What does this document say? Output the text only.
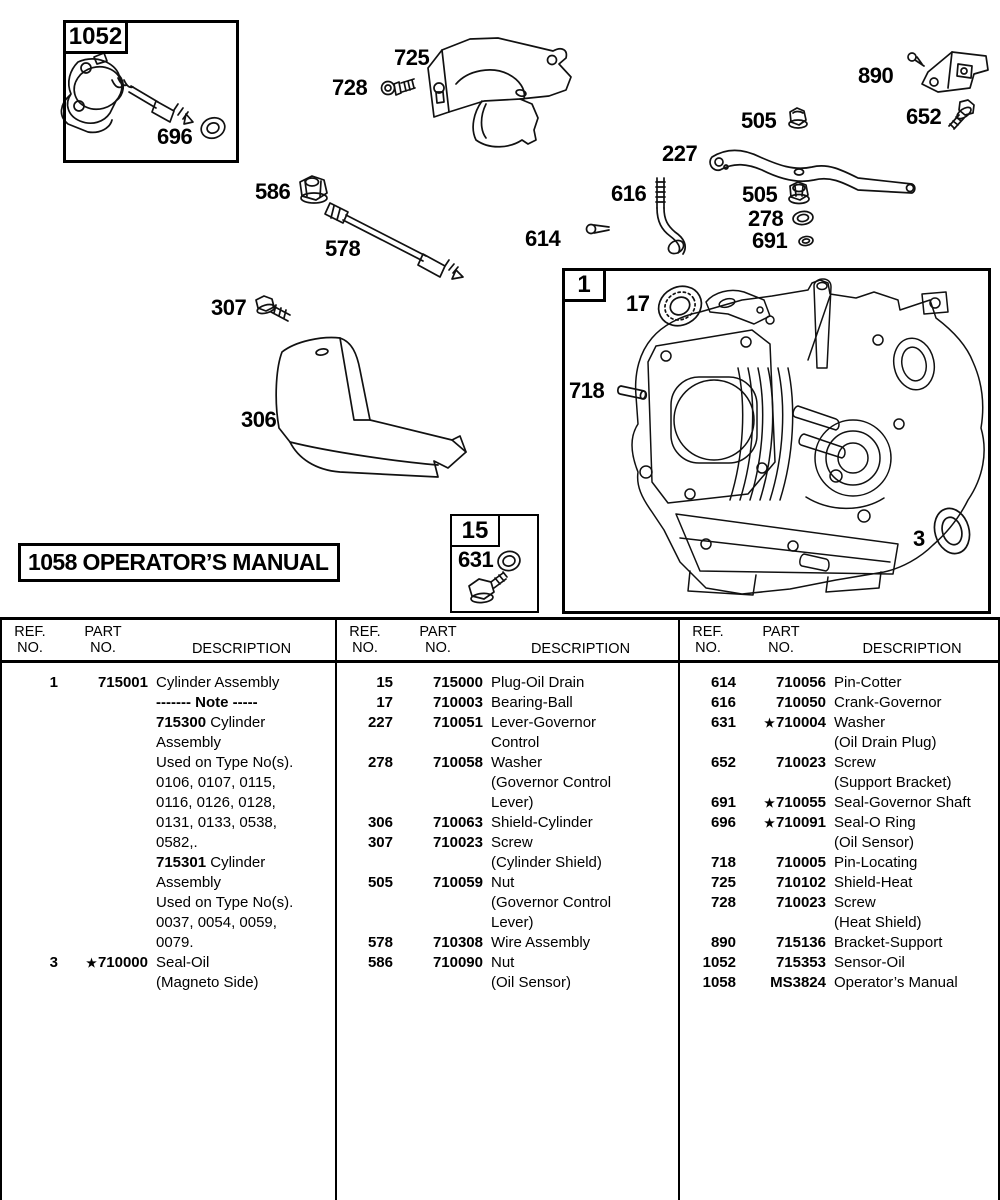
1052
1
15
1058 OPERATOR’S MANUAL
696
725
728	890
652
505
227
616	505
278
691
614
586
578
307
306
17
718
3
631
REF.
NO.
PART
NO.	DESCRIPTION
1	715001 Cylinder Assembly
------- Note -----
715300 Cylinder
Assembly
Used on Type No(s).
0106, 0107, 0115,
0116, 0126, 0128,
0131, 0133, 0538,
0582,.
715301 Cylinder
Assembly
Used on Type No(s).
0037, 0054, 0059,
0079.
3	★710000 Seal-Oil
(Magneto Side)
REF.
NO.
PART
NO.	DESCRIPTION
15	715000 Plug-Oil Drain
17	710003 Bearing-Ball
227	710051 Lever-Governor
Control
278	710058 Washer
(Governor Control
Lever)
306	710063 Shield-Cylinder
307	710023 Screw
(Cylinder Shield)
505	710059 Nut
(Governor Control
Lever)
578	710308 Wire Assembly
586	710090 Nut
(Oil Sensor)
REF.
NO.
PART
NO.	DESCRIPTION
614	710056 Pin-Cotter
616	710050 Crank-Governor
631	★710004 Washer
(Oil Drain Plug)
652	710023 Screw
(Support Bracket)
691	★710055 Seal-Governor Shaft
696	★710091 Seal-O Ring
(Oil Sensor)
718	710005 Pin-Locating
725	710102 Shield-Heat
728	710023 Screw
(Heat Shield)
890	715136 Bracket-Support
1052	715353 Sensor-Oil
1058	MS3824 Operator’s Manual
